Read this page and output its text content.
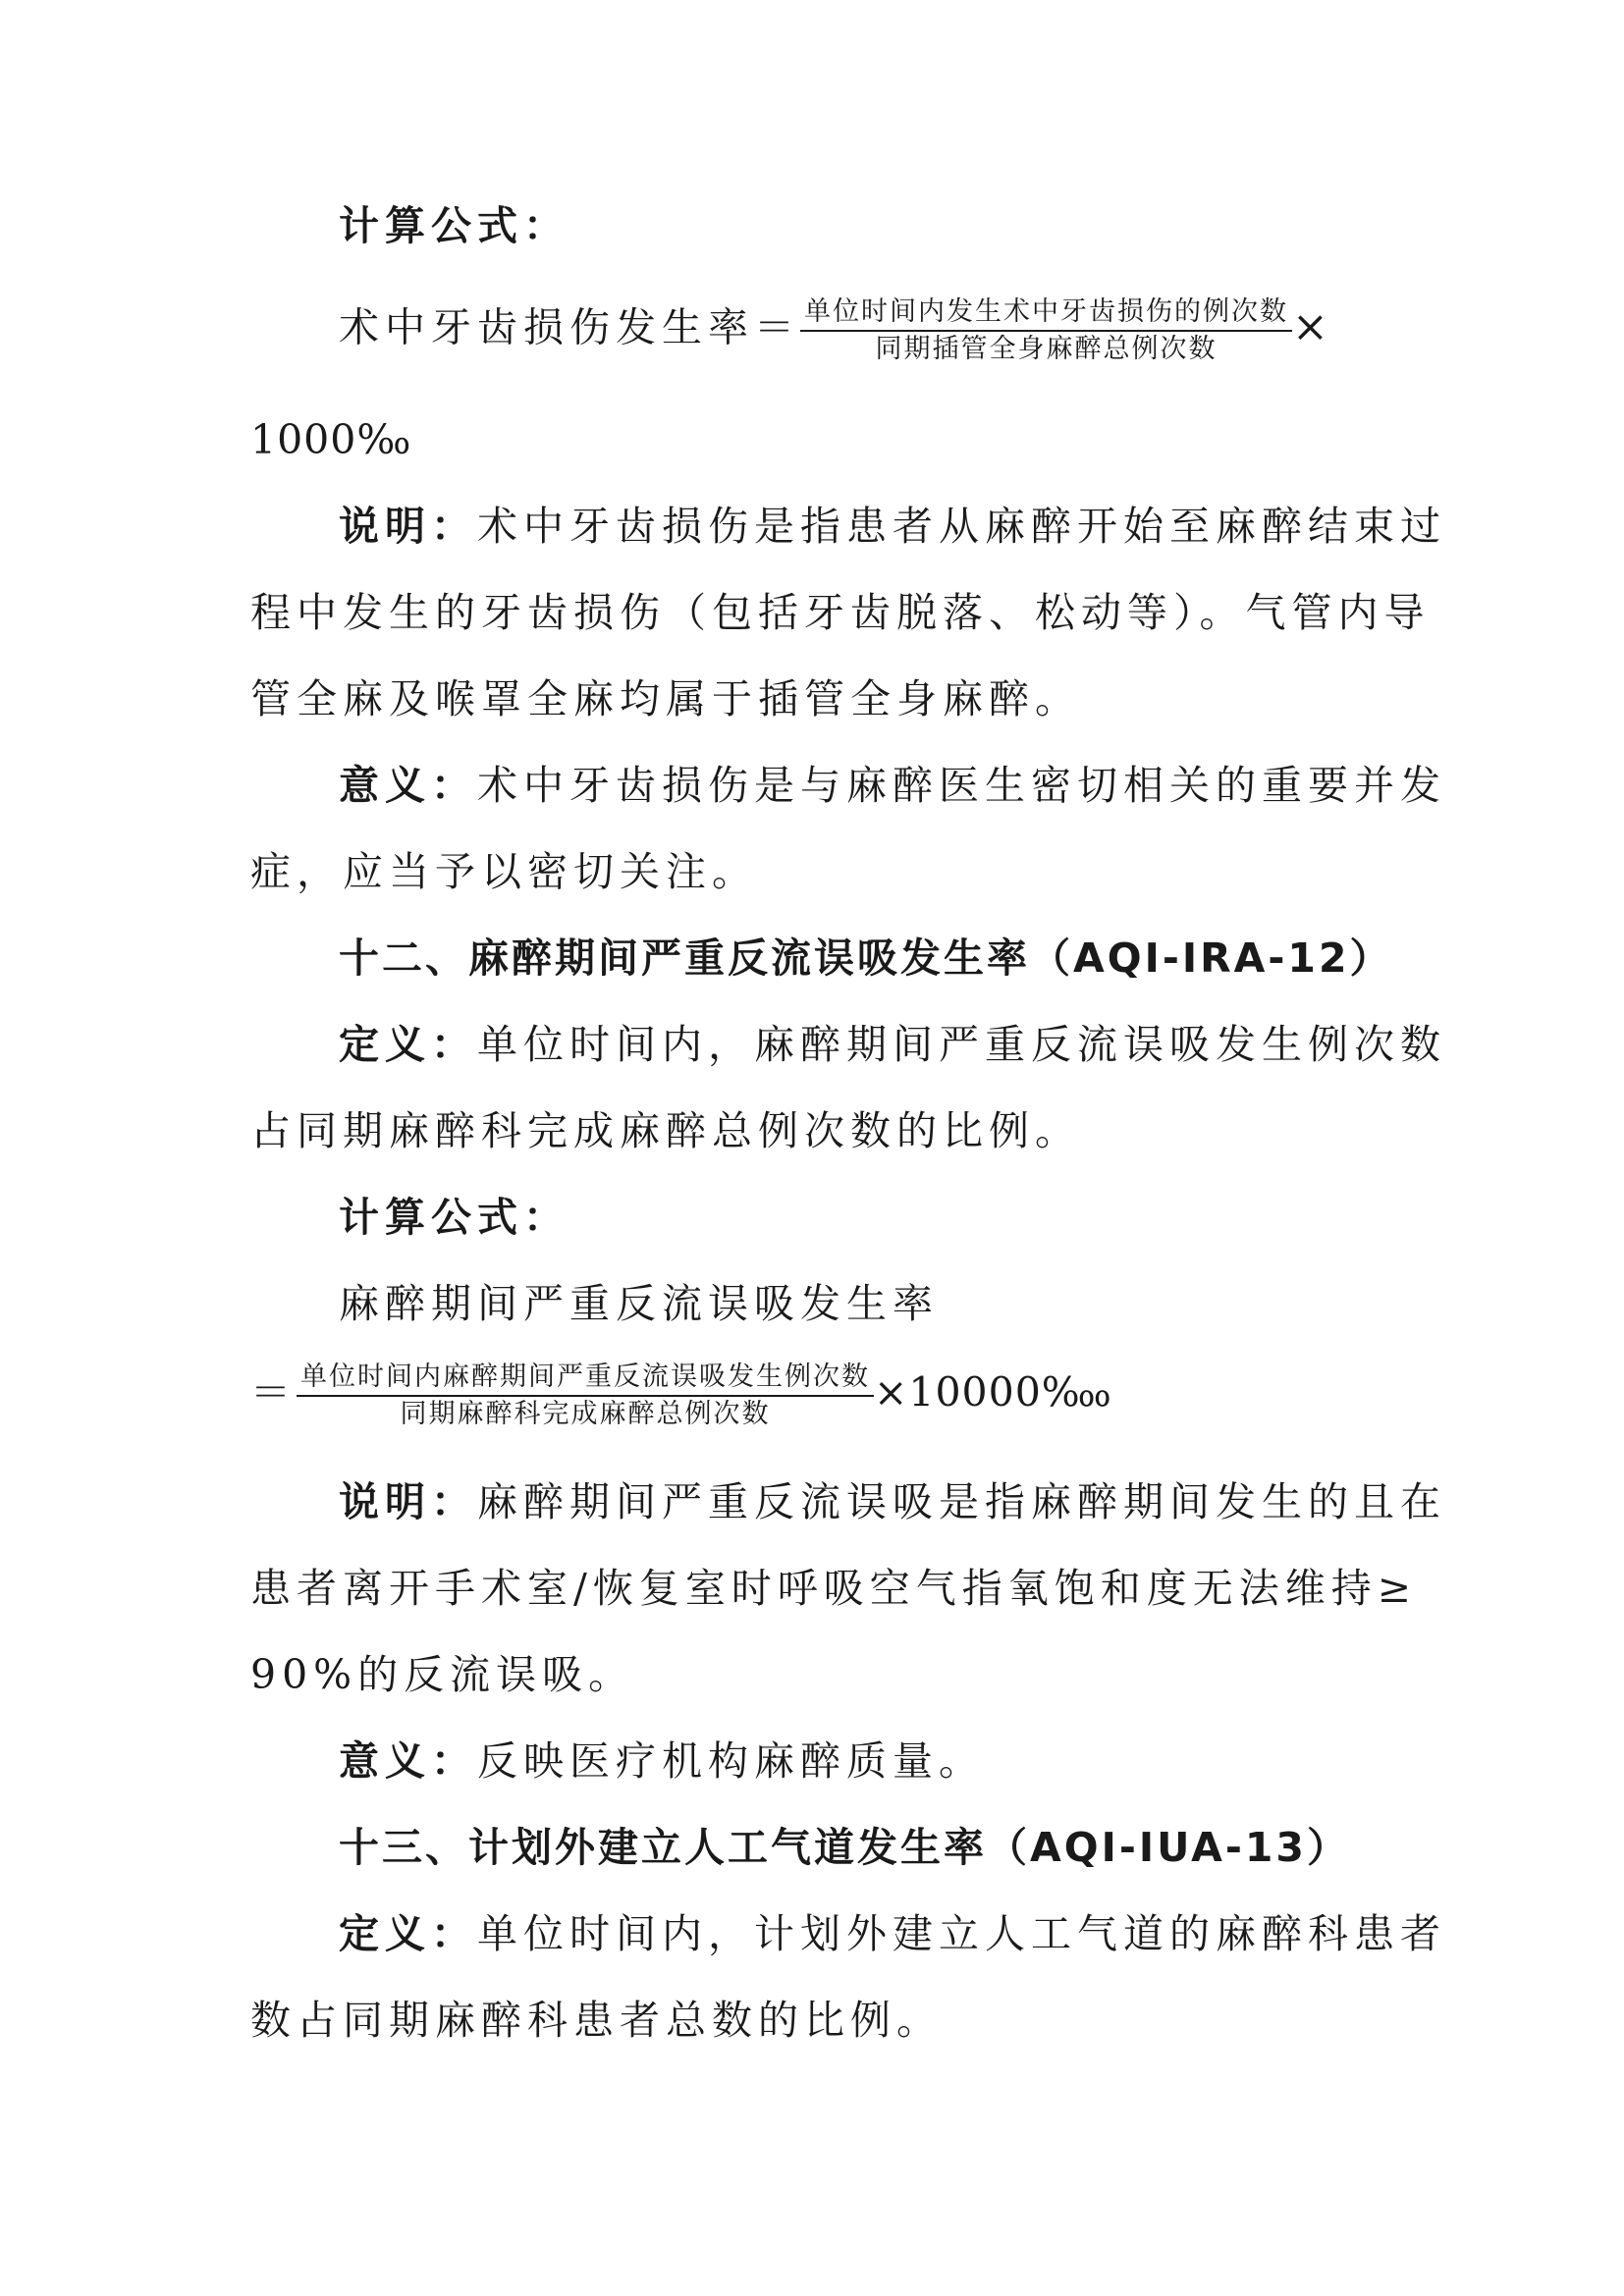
计算公式：
术中牙齿损伤发生率＝ $\frac{\text{单位时间内发生术中牙齿损伤的例次数}}{\text{同期插管全身麻醉总例次数}}$ ×
1000‰
说明：术中牙齿损伤是指患者从麻醉开始至麻醉结束过
程中发生的牙齿损伤（包括牙齿脱落、松动等）。气管内导
管全麻及喉罩全麻均属于插管全身麻醉。
意义：术中牙齿损伤是与麻醉医生密切相关的重要并发
症，应当予以密切关注。
十二、麻醉期间严重反流误吸发生率（AQI-IRA-12）
定义：单位时间内，麻醉期间严重反流误吸发生例次数
占同期麻醉科完成麻醉总例次数的比例。
计算公式：
麻醉期间严重反流误吸发生率
＝ $\frac{\text{单位时间内麻醉期间严重反流误吸发生例次数}}{\text{同期麻醉科完成麻醉总例次数}}$ ×10000‱
说明：麻醉期间严重反流误吸是指麻醉期间发生的且在
患者离开手术室/恢复室时呼吸空气指氧饱和度无法维持≥
90%的反流误吸。
意义：反映医疗机构麻醉质量。
十三、计划外建立人工气道发生率（AQI-IUA-13）
定义：单位时间内，计划外建立人工气道的麻醉科患者
数占同期麻醉科患者总数的比例。
